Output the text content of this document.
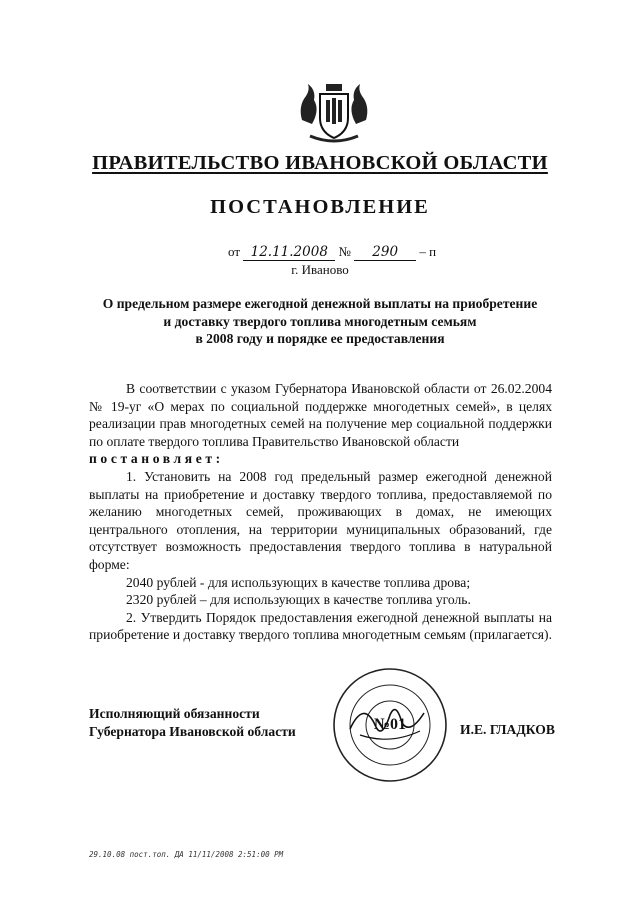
ПРАВИТЕЛЬСТВО ИВАНОВСКОЙ ОБЛАСТИ
ПОСТАНОВЛЕНИЕ
от 12.11.2008 № 290 – п
г. Иваново
О предельном размере ежегодной денежной выплаты на приобретение
и доставку твердого топлива многодетным семьям
в 2008 году и порядке ее предоставления

В соответствии с указом Губернатора Ивановской области от 26.02.2004 № 19-уг «О мерах по социальной поддержке многодетных семей», в целях реализации прав многодетных семей на получение мер социальной поддержки по оплате твердого топлива Правительство Ивановской области

постановляет:

1. Установить на 2008 год предельный размер ежегодной денежной выплаты на приобретение и доставку твердого топлива, предоставляемой по желанию многодетных семей, проживающих в домах, не имеющих центрального отопления, на территории муниципальных образований, где отсутствует возможность предоставления твердого топлива в натуральной форме:

2040 рублей - для использующих в качестве топлива дрова;

2320 рублей – для использующих в качестве топлива уголь.

2. Утвердить Порядок предоставления ежегодной денежной выплаты на приобретение и доставку твердого топлива многодетным семьям (прилагается).

Исполняющий обязанности
Губернатора Ивановской области	№01	И.Е. ГЛАДКОВ
29.10.08 пост.топ. ДА 11/11/2008 2:51:00 PM
